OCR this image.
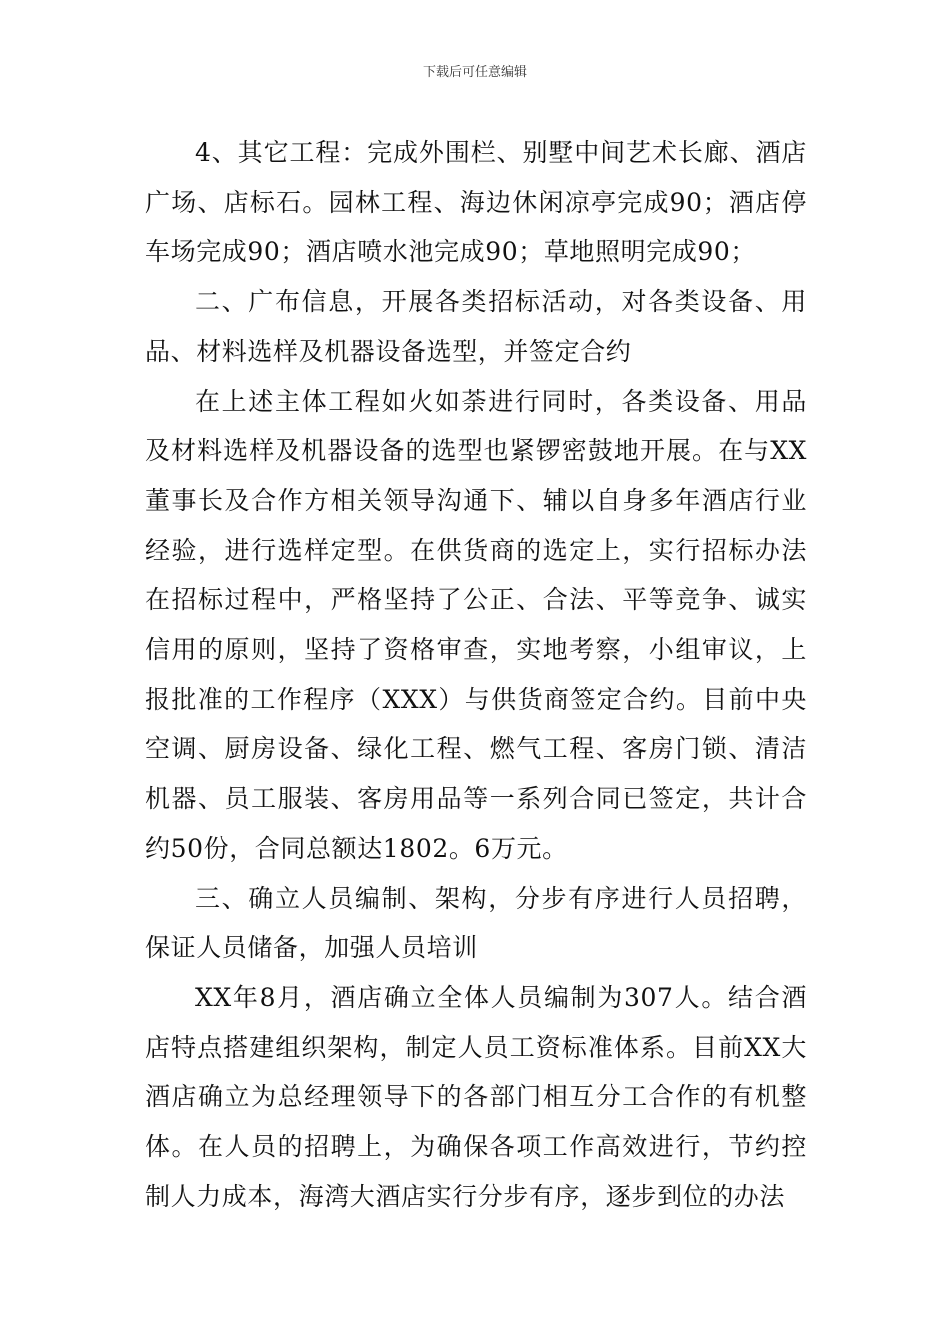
下载后可任意编辑

4、其它工程：完成外围栏、别墅中间艺术长廊、酒店广场、店标石。园林工程、海边休闲凉亭完成90；酒店停车场完成90；酒店喷水池完成90；草地照明完成90；

二、广布信息，开展各类招标活动，对各类设备、用品、材料选样及机器设备选型，并签定合约

在上述主体工程如火如荼进行同时，各类设备、用品及材料选样及机器设备的选型也紧锣密鼓地开展。在与XX董事长及合作方相关领导沟通下、辅以自身多年酒店行业经验，进行选样定型。在供货商的选定上，实行招标办法在招标过程中，严格坚持了公正、合法、平等竞争、诚实信用的原则，坚持了资格审查，实地考察，小组审议，上报批准的工作程序（XXX）与供货商签定合约。目前中央空调、厨房设备、绿化工程、燃气工程、客房门锁、清洁机器、员工服装、客房用品等一系列合同已签定，共计合约50份，合同总额达1802。6万元。

三、确立人员编制、架构，分步有序进行人员招聘，保证人员储备，加强人员培训

XX年8月，酒店确立全体人员编制为307人。结合酒店特点搭建组织架构，制定人员工资标准体系。目前XX大酒店确立为总经理领导下的各部门相互分工合作的有机整体。在人员的招聘上，为确保各项工作高效进行，节约控制人力成本，海湾大酒店实行分步有序，逐步到位的办法
